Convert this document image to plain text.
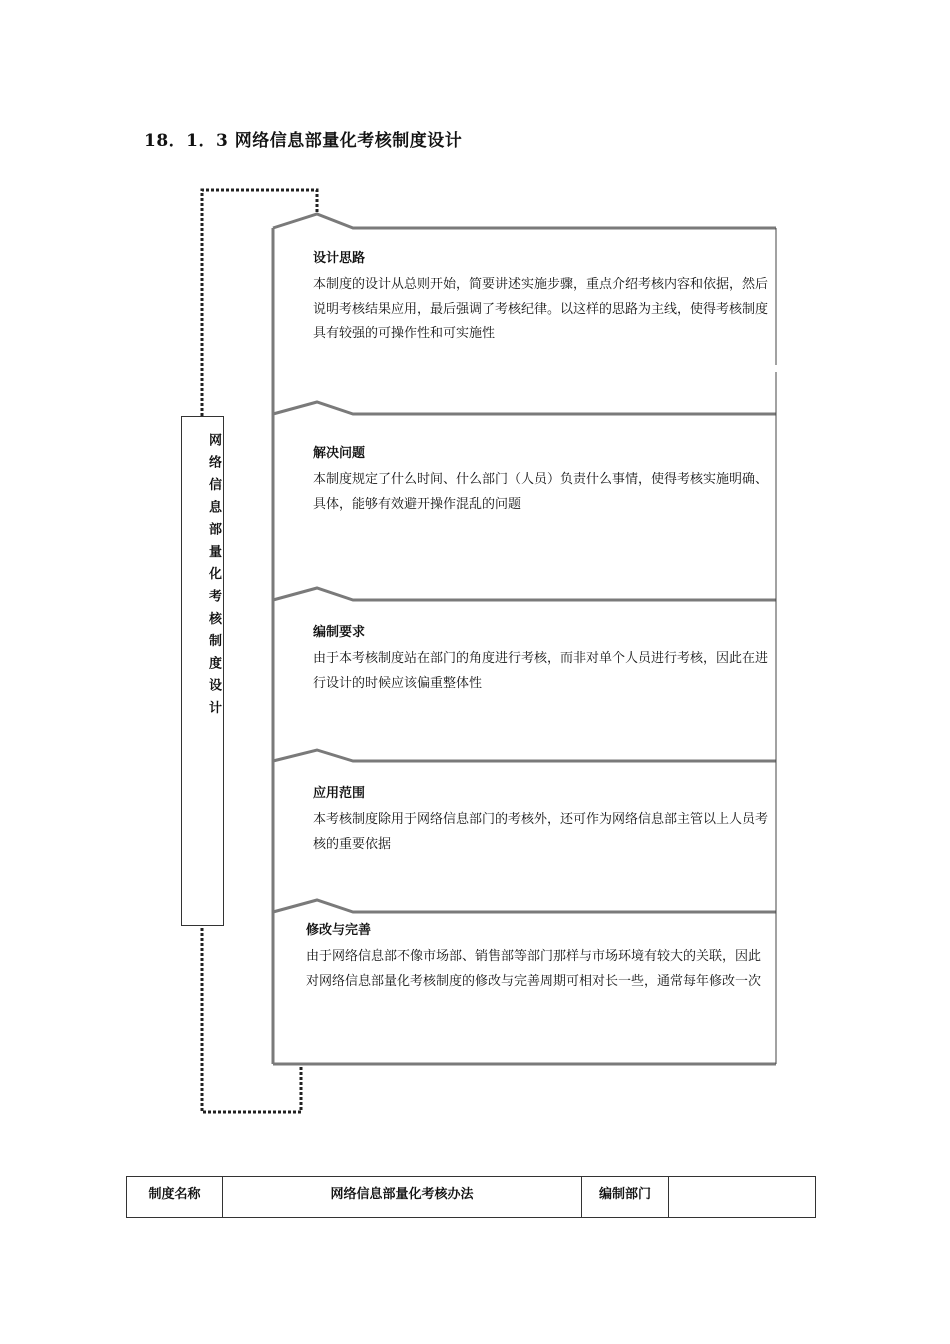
18．1．3 网络信息部量化考核制度设计
网络信息部量化考核制度设计
设计思路
本制度的设计从总则开始，简要讲述实施步骤，重点介绍考核内容和依据，然后说明考核结果应用，最后强调了考核纪律。以这样的思路为主线，使得考核制度具有较强的可操作性和可实施性
解决问题
本制度规定了什么时间、什么部门（人员）负责什么事情，使得考核实施明确、具体，能够有效避开操作混乱的问题
编制要求
由于本考核制度站在部门的角度进行考核，而非对单个人员进行考核，因此在进行设计的时候应该偏重整体性
应用范围
本考核制度除用于网络信息部门的考核外，还可作为网络信息部主管以上人员考核的重要依据
修改与完善
由于网络信息部不像市场部、销售部等部门那样与市场环境有较大的关联，因此对网络信息部量化考核制度的修改与完善周期可相对长一些，通常每年修改一次
制度名称	网络信息部量化考核办法	编制部门	
